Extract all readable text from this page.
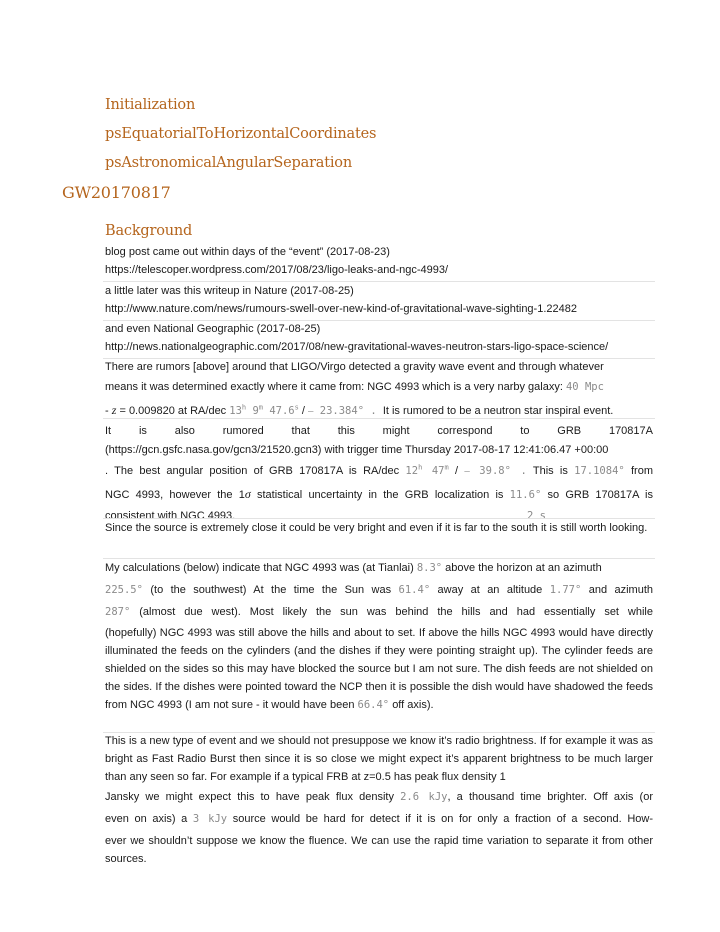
Initialization
psEquatorialToHorizontalCoordinates
psAstronomicalAngularSeparation
GW20170817
Background

blog post came out within days of the “event” (2017-08-23)

https://telescoper.wordpress.com/2017/08/23/ligo-leaks-and-ngc-4993/

a little later was this writeup in Nature (2017-08-25)

http://www.nature.com/news/rumours-swell-over-new-kind-of-gravitational-wave-sighting-1.22482

and even National Geographic (2017-08-25)

http://news.nationalgeographic.com/2017/08/new-gravitational-waves-neutron-stars-ligo-space-science/

There are rumors [above] around that LIGO/Virgo detected a gravity wave event and through whatever

means it was determined exactly where it came from: NGC 4993 which is a very narby galaxy: 40 Mpc

- z = 0.009820 at RA/dec 13$^h$ 9$^m$ 47.6$^s$ / – 23.384° . It is rumored to be a neutron star inspiral event.

It is also rumored that this might correspond to GRB 170817A

(https://gcn.gsfc.nasa.gov/gcn3/21520.gcn3) with trigger time Thursday 2017-08-17 12:41:06.47 +00:00

. The best angular position of GRB 170817A is RA/dec 12$^h$ 47$^m$ / – 39.8° . This is 17.1084° from

NGC 4993, however the 1σ statistical uncertainty in the GRB localization is 11.6° so GRB 170817A is

consistent with NGC 4993.	2 s

Since the source is extremely close it could be very bright and even if it is far to the south it is still worth looking.

My calculations (below) indicate that NGC 4993 was (at Tianlai) 8.3° above the horizon at an azimuth

225.5° (to the southwest) At the time the Sun was 61.4° away at an altitude 1.77° and azimuth

287° (almost due west). Most likely the sun was behind the hills and had essentially set while

(hopefully) NGC 4993 was still above the hills and about to set. If above the hills NGC 4993 would have directly illuminated the feeds on the cylinders (and the dishes if they were pointing straight up). The cylinder feeds are shielded on the sides so this may have blocked the source but I am not sure. The dish feeds are not shielded on the sides. If the dishes were pointed toward the NCP then it is possible the dish would have shadowed the feeds from NGC 4993 (I am not sure - it would have been 66.4° off axis).

This is a new type of event and we should not presuppose we know it’s radio brightness. If for example it was as bright as Fast Radio Burst then since it is so close we might expect it’s apparent brightness to be much larger than any seen so far. For example if a typical FRB at z=0.5 has peak flux density 1

Jansky we might expect this to have peak flux density 2.6 kJy, a thousand time brighter. Off axis (or

even on axis) a 3 kJy source would be hard for detect if it is on for only a fraction of a second. How-

ever we shouldn’t suppose we know the fluence. We can use the rapid time variation to separate it from other sources.
